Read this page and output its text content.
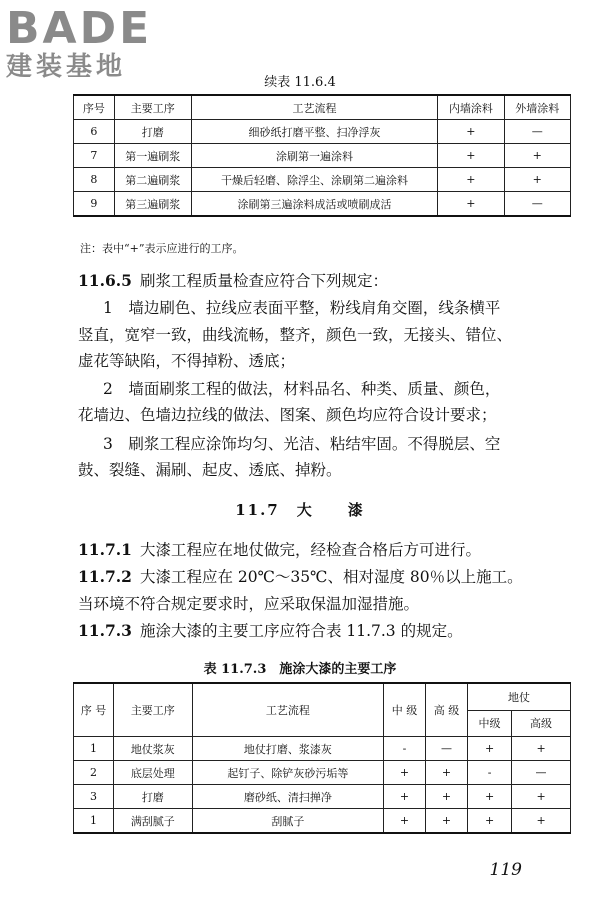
BADE
建装基地
续表 11.6.4
序号	主要工序	工艺流程	内墙涂料	外墙涂料
6	打磨	细砂纸打磨平整、扫净浮灰	+	—
7	第一遍刷浆	涂刷第一遍涂料	+	+
8	第二遍刷浆	干燥后轻磨、除浮尘、涂刷第二遍涂料	+	+
9	第三遍刷浆	涂刷第三遍涂料成活或喷刷成活	+	—
注：表中“+”表示应进行的工序。
11.6.5 刷浆工程质量检查应符合下列规定：
1　墙边刷色、拉线应表面平整，粉线肩角交圈，线条横平
竖直，宽窄一致，曲线流畅，整齐，颜色一致，无接头、错位、
虚花等缺陷，不得掉粉、透底；
2　墙面刷浆工程的做法，材料品名、种类、质量、颜色，
花墙边、色墙边拉线的做法、图案、颜色均应符合设计要求；
3　刷浆工程应涂饰均匀、光洁、粘结牢固。不得脱层、空
鼓、裂缝、漏刷、起皮、透底、掉粉。
11.7　 大　　漆
11.7.1 大漆工程应在地仗做完，经检查合格后方可进行。
11.7.2 大漆工程应在 20℃～35℃、相对湿度 80％以上施工。
当环境不符合规定要求时，应采取保温加湿措施。
11.7.3 施涂大漆的主要工序应符合表 11.7.3 的规定。
表 11.7.3　施涂大漆的主要工序
序 号	主要工序	工艺流程	中 级	高 级	地仗	
					中级	高级
1	地仗浆灰	地仗打磨、浆漆灰	-	—	+	+
2	底层处理	起钉子、除铲灰砂污垢等	+	+	-	—
3	打磨	磨砂纸、清扫掸净	+	+	+	+
1	满刮腻子	刮腻子	+	+	+	+
119
